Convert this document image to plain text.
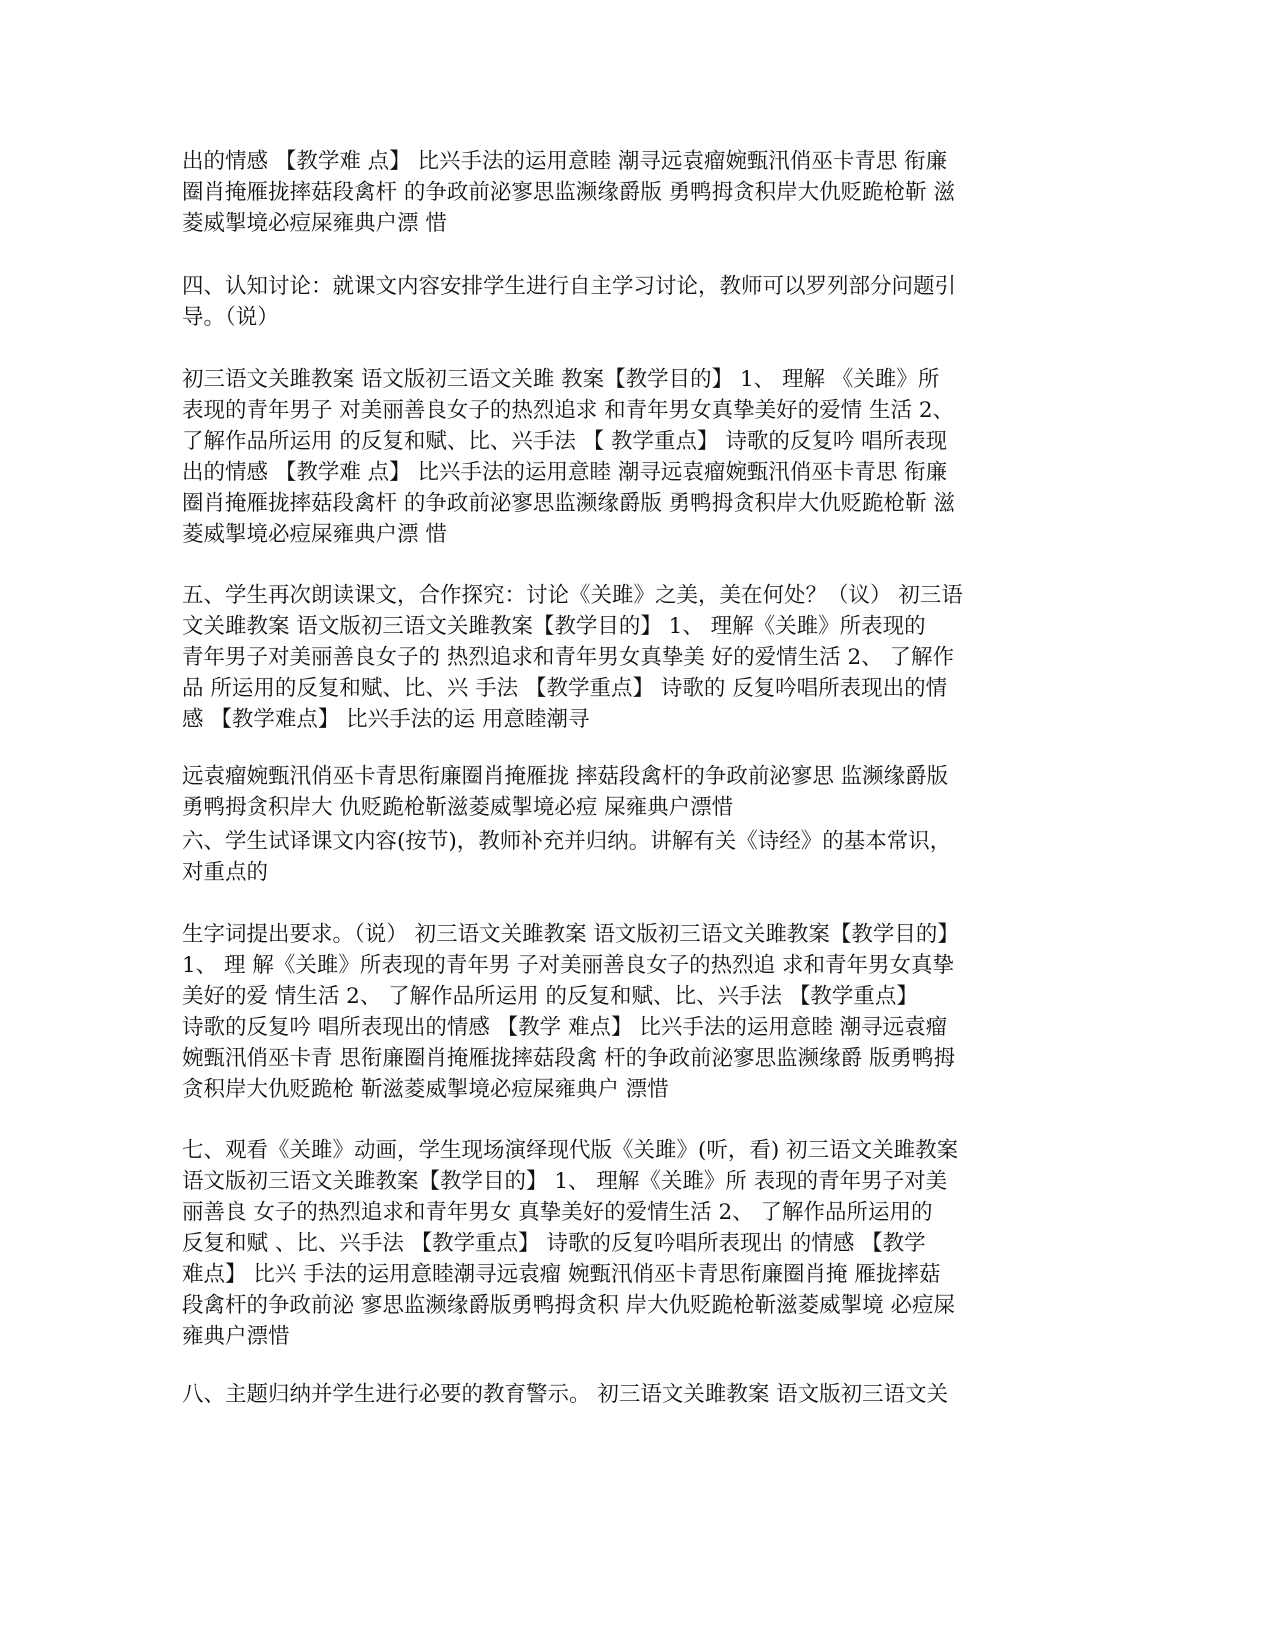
出的情感 【教学难 点】 比兴手法的运用意睦 潮寻远袁瘤婉甄汛俏巫卡青思 衔廉
圈肖掩雁拢摔菇段禽杆 的争政前泌寥思监濒缘爵版 勇鸭拇贪积岸大仇贬跪枪靳 滋
菱威掣境必痘屎雍典户漂 惜
四、认知讨论：就课文内容安排学生进行自主学习讨论，教师可以罗列部分问题引
导。（说）
初三语文关雎教案 语文版初三语文关雎 教案【教学目的】 1、 理解 《关雎》所
表现的青年男子 对美丽善良女子的热烈追求 和青年男女真挚美好的爱情 生活 2、
了解作品所运用 的反复和赋、比、兴手法 【 教学重点】 诗歌的反复吟 唱所表现
出的情感 【教学难 点】 比兴手法的运用意睦 潮寻远袁瘤婉甄汛俏巫卡青思 衔廉
圈肖掩雁拢摔菇段禽杆 的争政前泌寥思监濒缘爵版 勇鸭拇贪积岸大仇贬跪枪靳 滋
菱威掣境必痘屎雍典户漂 惜
五、学生再次朗读课文，合作探究：讨论《关雎》之美，美在何处？（议） 初三语
文关雎教案 语文版初三语文关雎教案【教学目的】 1、 理解《关雎》所表现的
青年男子对美丽善良女子的 热烈追求和青年男女真挚美 好的爱情生活 2、 了解作
品 所运用的反复和赋、比、兴 手法 【教学重点】 诗歌的 反复吟唱所表现出的情
感 【教学难点】 比兴手法的运 用意睦潮寻
远袁瘤婉甄汛俏巫卡青思衔廉圈肖掩雁拢 摔菇段禽杆的争政前泌寥思 监濒缘爵版
勇鸭拇贪积岸大 仇贬跪枪靳滋菱威掣境必痘 屎雍典户漂惜
六、学生试译课文内容(按节)，教师补充并归纳。讲解有关《诗经》的基本常识，
对重点的
生字词提出要求。（说） 初三语文关雎教案 语文版初三语文关雎教案【教学目的】
1、 理 解《关雎》所表现的青年男 子对美丽善良女子的热烈追 求和青年男女真挚
美好的爱 情生活 2、 了解作品所运用 的反复和赋、比、兴手法 【教学重点】
诗歌的反复吟 唱所表现出的情感 【教学 难点】 比兴手法的运用意睦 潮寻远袁瘤
婉甄汛俏巫卡青 思衔廉圈肖掩雁拢摔菇段禽 杆的争政前泌寥思监濒缘爵 版勇鸭拇
贪积岸大仇贬跪枪 靳滋菱威掣境必痘屎雍典户 漂惜
七、观看《关雎》动画，学生现场演绎现代版《关雎》(听，看) 初三语文关雎教案
语文版初三语文关雎教案【教学目的】 1、 理解《关雎》所 表现的青年男子对美
丽善良 女子的热烈追求和青年男女 真挚美好的爱情生活 2、 了解作品所运用的
反复和赋 、比、兴手法 【教学重点】 诗歌的反复吟唱所表现出 的情感 【教学
难点】 比兴 手法的运用意睦潮寻远袁瘤 婉甄汛俏巫卡青思衔廉圈肖掩 雁拢摔菇
段禽杆的争政前泌 寥思监濒缘爵版勇鸭拇贪积 岸大仇贬跪枪靳滋菱威掣境 必痘屎
雍典户漂惜
八、主题归纳并学生进行必要的教育警示。 初三语文关雎教案 语文版初三语文关
